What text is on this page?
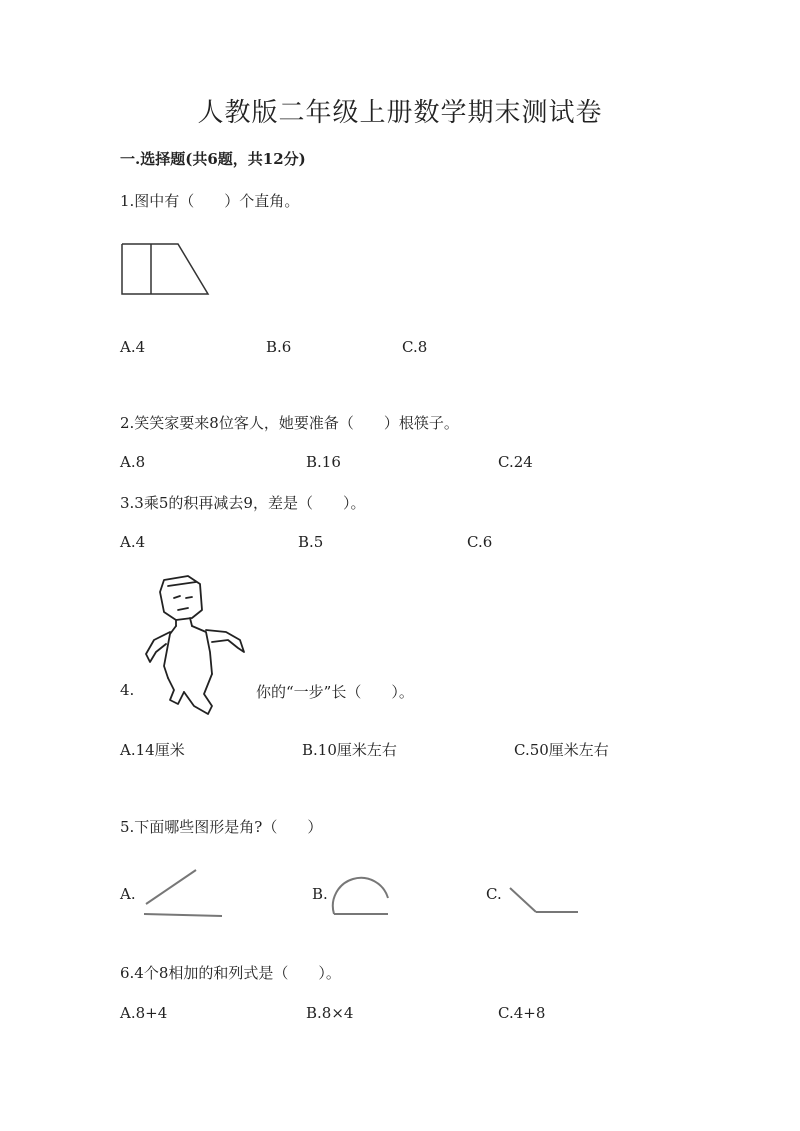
人教版二年级上册数学期末测试卷
一.选择题(共6题，共12分)
1.图中有（　　）个直角。
A.4	B.6	C.8
2.笑笑家要来8位客人，她要准备（　　）根筷子。
A.8	B.16	C.24
3.3乘5的积再减去9，差是（　　）。
A.4	B.5	C.6
4.	你的“一步”长（　　）。
A.14厘米	B.10厘米左右	C.50厘米左右
5.下面哪些图形是角?（　　）
A.	B.	C.
6.4个8相加的和列式是（　　）。
A.8+4	B.8×4	C.4+8
